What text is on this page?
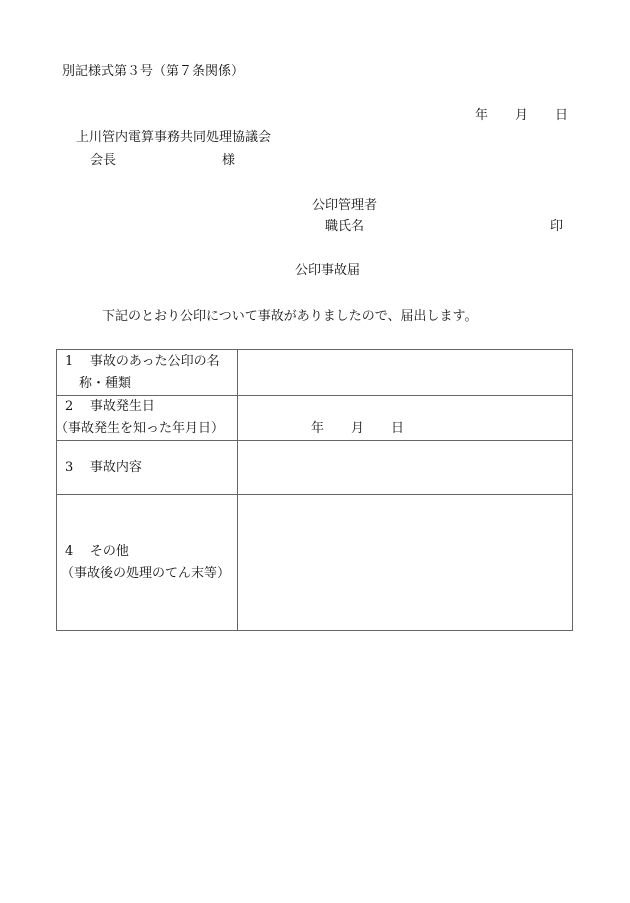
別記様式第３号（第７条関係）
年 月 日
上川管内電算事務共同処理協議会
会長	様
公印管理者
職氏名	印
公印事故届
下記のとおり公印について事故がありましたので、届出します。
1 事故のあった公印の名
称・種類	

2 事故発生日
（事故発生を知った年月日）	年 月 日

3 事故内容	

4 その他
（事故後の処理のてん末等）	
